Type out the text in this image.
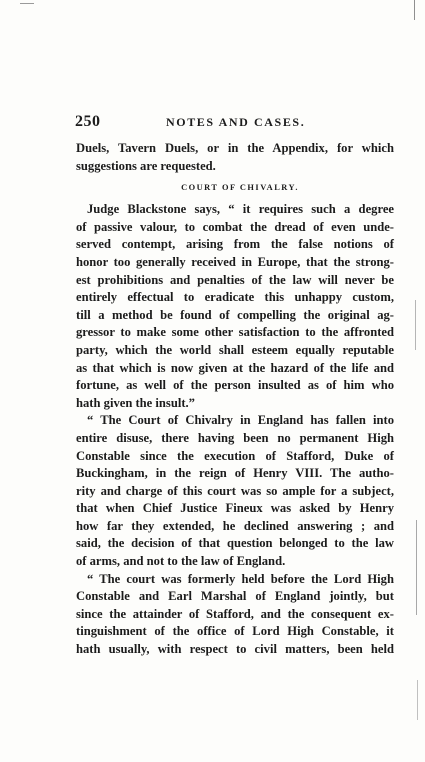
250	NOTES AND CASES.
Duels, Tavern Duels, or in the Appendix, for which
suggestions are requested.
COURT OF CHIVALRY.
Judge Blackstone says, “ it requires such a degree
of passive valour, to combat the dread of even unde-
served contempt, arising from the false notions of
honor too generally received in Europe, that the strong-
est prohibitions and penalties of the law will never be
entirely effectual to eradicate this unhappy custom,
till a method be found of compelling the original ag-
gressor to make some other satisfaction to the affronted
party, which the world shall esteem equally reputable
as that which is now given at the hazard of the life and
fortune, as well of the person insulted as of him who
hath given the insult.”
“ The Court of Chivalry in England has fallen into
entire disuse, there having been no permanent High
Constable since the execution of Stafford, Duke of
Buckingham, in the reign of Henry VIII. The autho-
rity and charge of this court was so ample for a subject,
that when Chief Justice Fineux was asked by Henry
how far they extended, he declined answering ; and
said, the decision of that question belonged to the law
of arms, and not to the law of England.
“ The court was formerly held before the Lord High
Constable and Earl Marshal of England jointly, but
since the attainder of Stafford, and the consequent ex-
tinguishment of the office of Lord High Constable, it
hath usually, with respect to civil matters, been held
